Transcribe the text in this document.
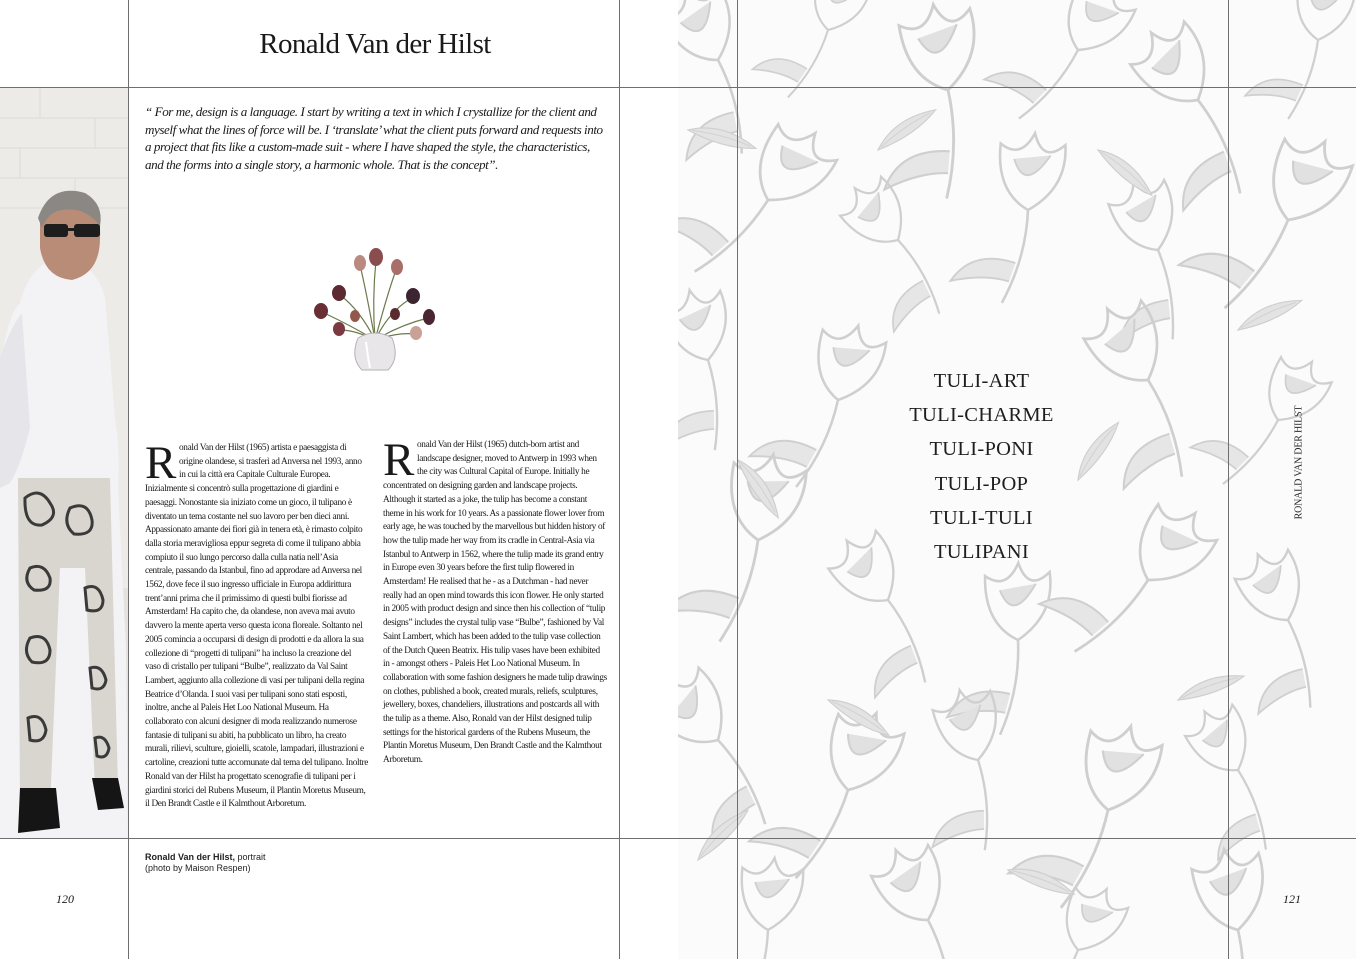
Ronald Van der Hilst
“ For me, design is a language. I start by writing a text in which I crystallize for the client and myself what the lines of force will be. I ‘translate’ what the client puts forward and requests into a project that fits like a custom-made suit - where I have shaped the style, the characteristics, and the forms into a single story, a harmonic whole. That is the concept”.
Ronald Van der Hilst (1965) artista e paesaggista di origine olandese, si trasferì ad Anversa nel 1993, anno in cui la città era Capitale Culturale Europea. Inizialmente si concentrò sulla progettazione di giardini e paesaggi. Nonostante sia iniziato come un gioco, il tulipano è diventato un tema costante nel suo lavoro per ben dieci anni. Appassionato amante dei fiori già in tenera età, è rimasto colpito dalla storia meravigliosa eppur segreta di come il tulipano abbia compiuto il suo lungo percorso dalla culla natia nell’Asia centrale, passando da Istanbul, fino ad approdare ad Anversa nel 1562, dove fece il suo ingresso ufficiale in Europa addirittura trent’anni prima che il primissimo di questi bulbi fiorisse ad Amsterdam! Ha capito che, da olandese, non aveva mai avuto davvero la mente aperta verso questa icona floreale. Soltanto nel 2005 comincia a occuparsi di design di prodotti e da allora la sua collezione di “progetti di tulipani” ha incluso la creazione del vaso di cristallo per tulipani “Bulbe”, realizzato da Val Saint Lambert, aggiunto alla collezione di vasi per tulipani della regina Beatrice d’Olanda. I suoi vasi per tulipani sono stati esposti, inoltre, anche al Paleis Het Loo National Museum. Ha collaborato con alcuni designer di moda realizzando numerose fantasie di tulipani su abiti, ha pubblicato un libro, ha creato murali, rilievi, sculture, gioielli, scatole, lampadari, illustrazioni e cartoline, creazioni tutte accomunate dal tema del tulipano. Inoltre Ronald van der Hilst ha progettato scenografie di tulipani per i giardini storici del Rubens Museum, il Plantin Moretus Museum, il Den Brandt Castle e il Kalmthout Arboretum.
Ronald Van der Hilst (1965) dutch-born artist and landscape designer, moved to Antwerp in 1993 when the city was Cultural Capital of Europe. Initially he concentrated on designing garden and landscape projects. Although it started as a joke, the tulip has become a constant theme in his work for 10 years. As a passionate flower lover from early age, he was touched by the marvellous but hidden history of how the tulip made her way from its cradle in Central-Asia via Istanbul to Antwerp in 1562, where the tulip made its grand entry in Europe even 30 years before the first tulip flowered in Amsterdam! He realised that he - as a Dutchman - had never really had an open mind towards this icon flower. He only started in 2005 with product design and since then his collection of “tulip designs” includes the crystal tulip vase “Bulbe”, fashioned by Val Saint Lambert, which has been added to the tulip vase collection of the Dutch Queen Beatrix. His tulip vases have been exhibited in - amongst others - Paleis Het Loo National Museum. In collaboration with some fashion designers he made tulip drawings on clothes, published a book, created murals, reliefs, sculptures, jewellery, boxes, chandeliers, illustrations and postcards all with the tulip as a theme. Also, Ronald van der Hilst designed tulip settings for the historical gardens of the Rubens Museum, the Plantin Moretus Museum, Den Brandt Castle and the Kalmthout Arboretum.
Ronald Van der Hilst, portrait
(photo by Maison Respen)
120
TULI-ART
TULI-CHARME
TULI-PONI
TULI-POP
TULI-TULI
TULIPANI
RONALD VAN DER HILST
121
